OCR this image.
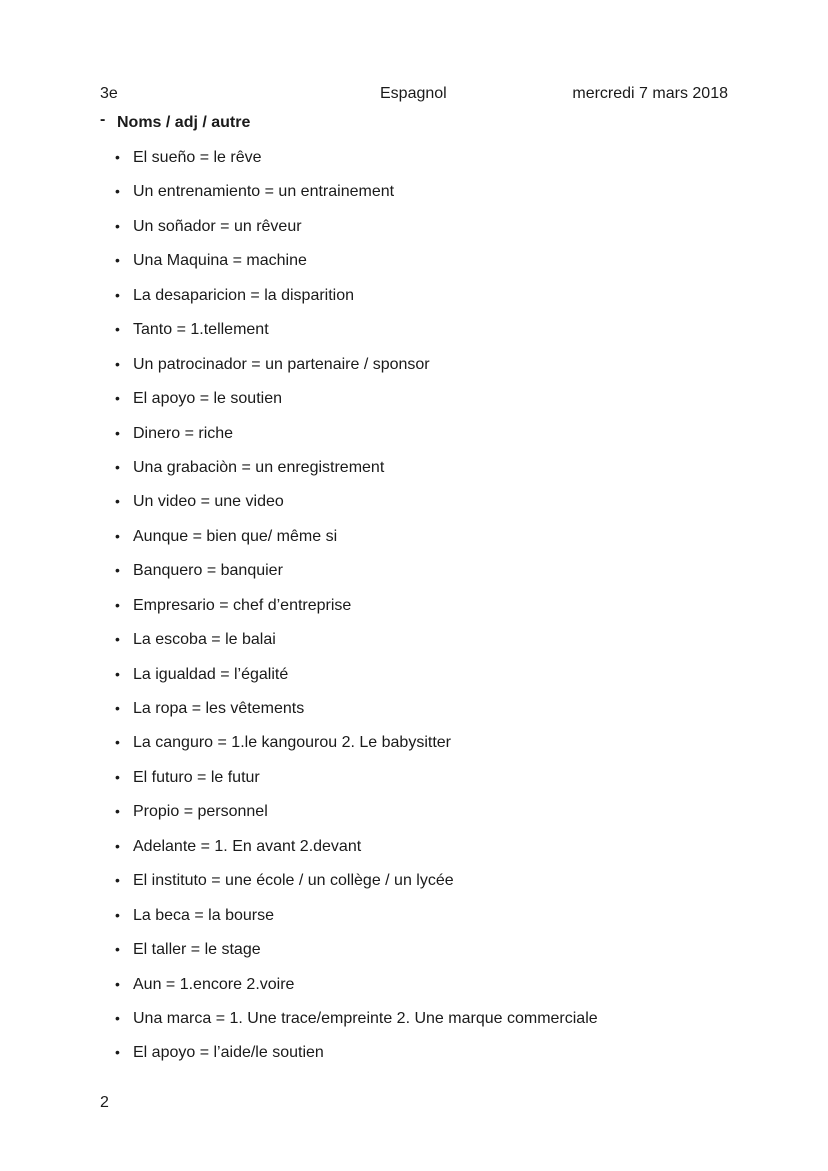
3e	Espagnol	mercredi 7 mars 2018
- Noms / adj / autre
• El sueño = le rêve
• Un entrenamiento = un entrainement
• Un soñador = un rêveur
• Una Maquina = machine
• La desaparicion = la disparition
• Tanto = 1.tellement
• Un patrocinador = un partenaire / sponsor
• El apoyo = le soutien
• Dinero = riche
• Una grabaciòn = un enregistrement
• Un video = une video
• Aunque = bien que/ même si
• Banquero = banquier
• Empresario = chef d’entreprise
• La escoba = le balai
• La igualdad = l’égalité
• La ropa = les vêtements
• La canguro = 1.le kangourou 2. Le babysitter
• El futuro = le futur
• Propio = personnel
• Adelante = 1. En avant 2.devant
• El instituto = une école / un collège / un lycée
• La beca = la bourse
• El taller = le stage
• Aun = 1.encore 2.voire
• Una marca = 1. Une trace/empreinte 2. Une marque commerciale
• El apoyo = l’aide/le soutien
2
